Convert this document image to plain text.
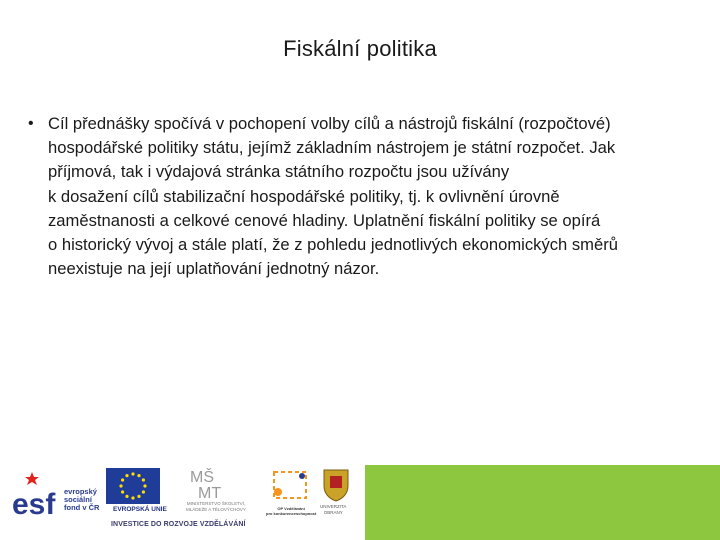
Fiskální politika
• Cíl přednášky spočívá v pochopení volby cílů a nástrojů fiskální (rozpočtové)
hospodářské politiky státu, jejímž základním nástrojem je státní rozpočet. Jak
příjmová, tak i výdajová stránka státního rozpočtu jsou užívány
k dosažení cílů stabilizační hospodářské politiky, tj. k ovlivnění úrovně
zaměstnanosti a celkové cenové hladiny. Uplatnění fiskální politiky se opírá
o historický vývoj a stále platí, že z pohledu jednotlivých ekonomických směrů
neexistuje na její uplatňování jednotný názor.
esf evropský
sociální
fond v ČR EVROPSKÁ UNIE
MŠ
MT
MINISTERSTVO ŠKOLSTVÍ,
MLÁDEŽE A TĚLOVÝCHOVY	OP Vzdělávání
pro konkurenceschopnost
UNIVERZITA
OBRANY
INVESTICE DO ROZVOJE VZDĚLÁVÁNÍ
